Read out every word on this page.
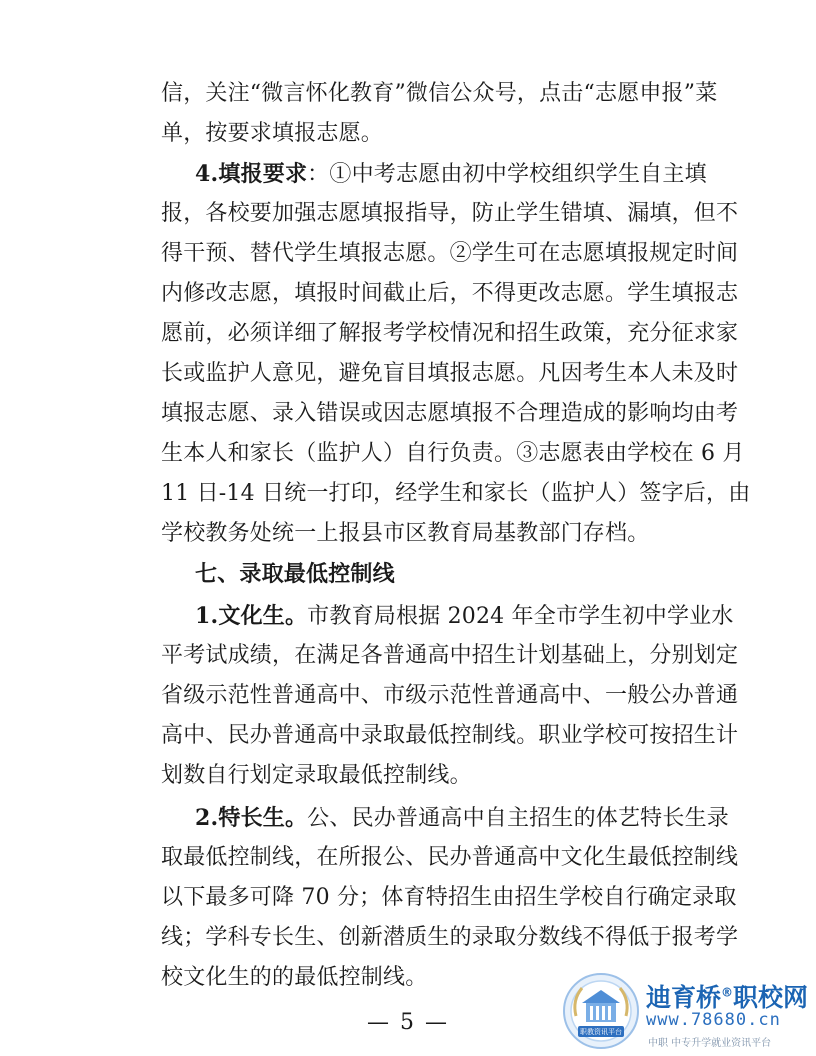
信，关注“微言怀化教育”微信公众号，点击“志愿申报”菜
单，按要求填报志愿。
4.填报要求：①中考志愿由初中学校组织学生自主填
报，各校要加强志愿填报指导，防止学生错填、漏填，但不
得干预、替代学生填报志愿。②学生可在志愿填报规定时间
内修改志愿，填报时间截止后，不得更改志愿。学生填报志
愿前，必须详细了解报考学校情况和招生政策，充分征求家
长或监护人意见，避免盲目填报志愿。凡因考生本人未及时
填报志愿、录入错误或因志愿填报不合理造成的影响均由考
生本人和家长（监护人）自行负责。③志愿表由学校在 6 月
11 日-14 日统一打印，经学生和家长（监护人）签字后，由
学校教务处统一上报县市区教育局基教部门存档。
七、录取最低控制线
1.文化生。市教育局根据 2024 年全市学生初中学业水
平考试成绩，在满足各普通高中招生计划基础上，分别划定
省级示范性普通高中、市级示范性普通高中、一般公办普通
高中、民办普通高中录取最低控制线。职业学校可按招生计
划数自行划定录取最低控制线。
2.特长生。公、民办普通高中自主招生的体艺特长生录
取最低控制线，在所报公、民办普通高中文化生最低控制线
以下最多可降 70 分；体育特招生由招生学校自行确定录取
线；学科专长生、创新潜质生的录取分数线不得低于报考学
校文化生的的最低控制线。
— 5 —	职教资讯平台
迪育桥®职校网
www.78680.cn
中职 中专升学就业资讯平台
